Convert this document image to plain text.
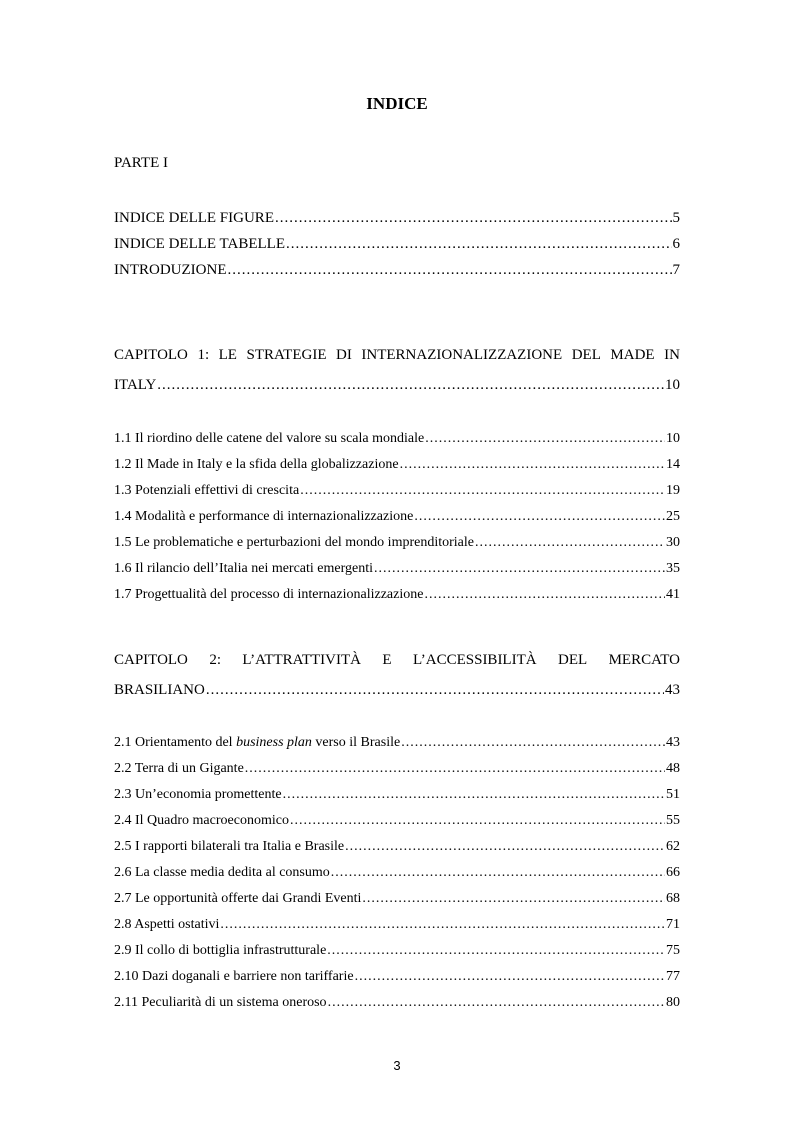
INDICE

PARTE I

INDICE DELLE FIGURE .....	5
INDICE DELLE TABELLE .....	6
INTRODUZIONE .....	7
CAPITOLO 1: LE STRATEGIE DI INTERNAZIONALIZZAZIONE DEL MADE IN
ITALY .....	10
1.1 Il riordino delle catene del valore su scala mondiale .....	10
1.2 Il Made in Italy e la sfida della globalizzazione .....	14
1.3 Potenziali effettivi di crescita .....	19
1.4 Modalità e performance di internazionalizzazione .....	25
1.5 Le problematiche e perturbazioni del mondo imprenditoriale .....	30
1.6 Il rilancio dell’Italia nei mercati emergenti .....	35
1.7 Progettualità del processo di internazionalizzazione .....	41
CAPITOLO 2: L’ATTRATTIVITÀ E L’ACCESSIBILITÀ DEL MERCATO
BRASILIANO .....	43
2.1 Orientamento del business plan verso il Brasile .....	43
2.2 Terra di un Gigante .....	48
2.3 Un’economia promettente .....	51
2.4 Il Quadro macroeconomico .....	55
2.5 I rapporti bilaterali tra Italia e Brasile .....	62
2.6 La classe media dedita al consumo .....	66
2.7 Le opportunità offerte dai Grandi Eventi .....	68
2.8 Aspetti ostativi .....	71
2.9 Il collo di bottiglia infrastrutturale .....	75
2.10 Dazi doganali e barriere non tariffarie .....	77
2.11 Peculiarità di un sistema oneroso .....	80
3
